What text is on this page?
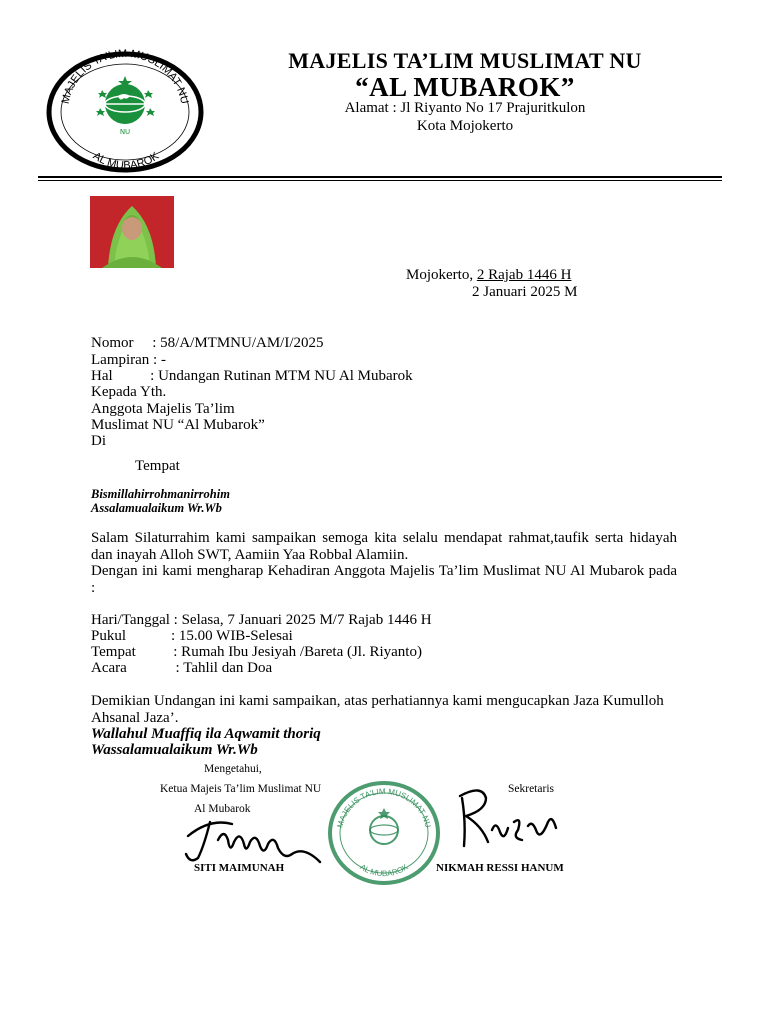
MAJELIS TA'LIM MUSLIMAT NU
AL MUBAROK
NU
MAJELIS TA’LIM MUSLIMAT NU
“AL MUBAROK”
Alamat : Jl Riyanto No 17 Prajuritkulon
Kota Mojokerto
Mojokerto, 2 Rajab 1446 H
2 Januari 2025 M
Nomor     : 58/A/MTMNU/AM/I/2025
Lampiran : -
Hal          : Undangan Rutinan MTM NU Al Mubarok
Kepada Yth.
Anggota Majelis Ta’lim
Muslimat NU “Al Mubarok”
Di
Tempat
Bismillahirrohmanirrohim
Assalamualaikum Wr.Wb
Salam Silaturrahim kami sampaikan semoga kita selalu mendapat rahmat,taufik serta hidayah dan inayah Alloh SWT, Aamiin Yaa Robbal Alamiin.
Dengan ini kami mengharap Kehadiran Anggota Majelis Ta’lim Muslimat NU Al Mubarok pada :
Hari/Tanggal : Selasa, 7 Januari 2025 M/7 Rajab 1446 H
Pukul            : 15.00 WIB-Selesai
Tempat          : Rumah Ibu Jesiyah /Bareta (Jl. Riyanto)
Acara             : Tahlil dan Doa
Demikian Undangan ini kami sampaikan, atas perhatiannya kami mengucapkan Jaza Kumulloh Ahsanal Jaza’.
Wallahul Muaffiq ila Aqwamit thoriq
Wassalamualaikum Wr.Wb
Mengetahui,
Ketua Majeis Ta’lim Muslimat NU
Al Mubarok
Sekretaris
MAJELIS TA'LIM MUSLIMAT NU
AL MUBAROK
SITI MAIMUNAH	NIKMAH RESSI HANUM
